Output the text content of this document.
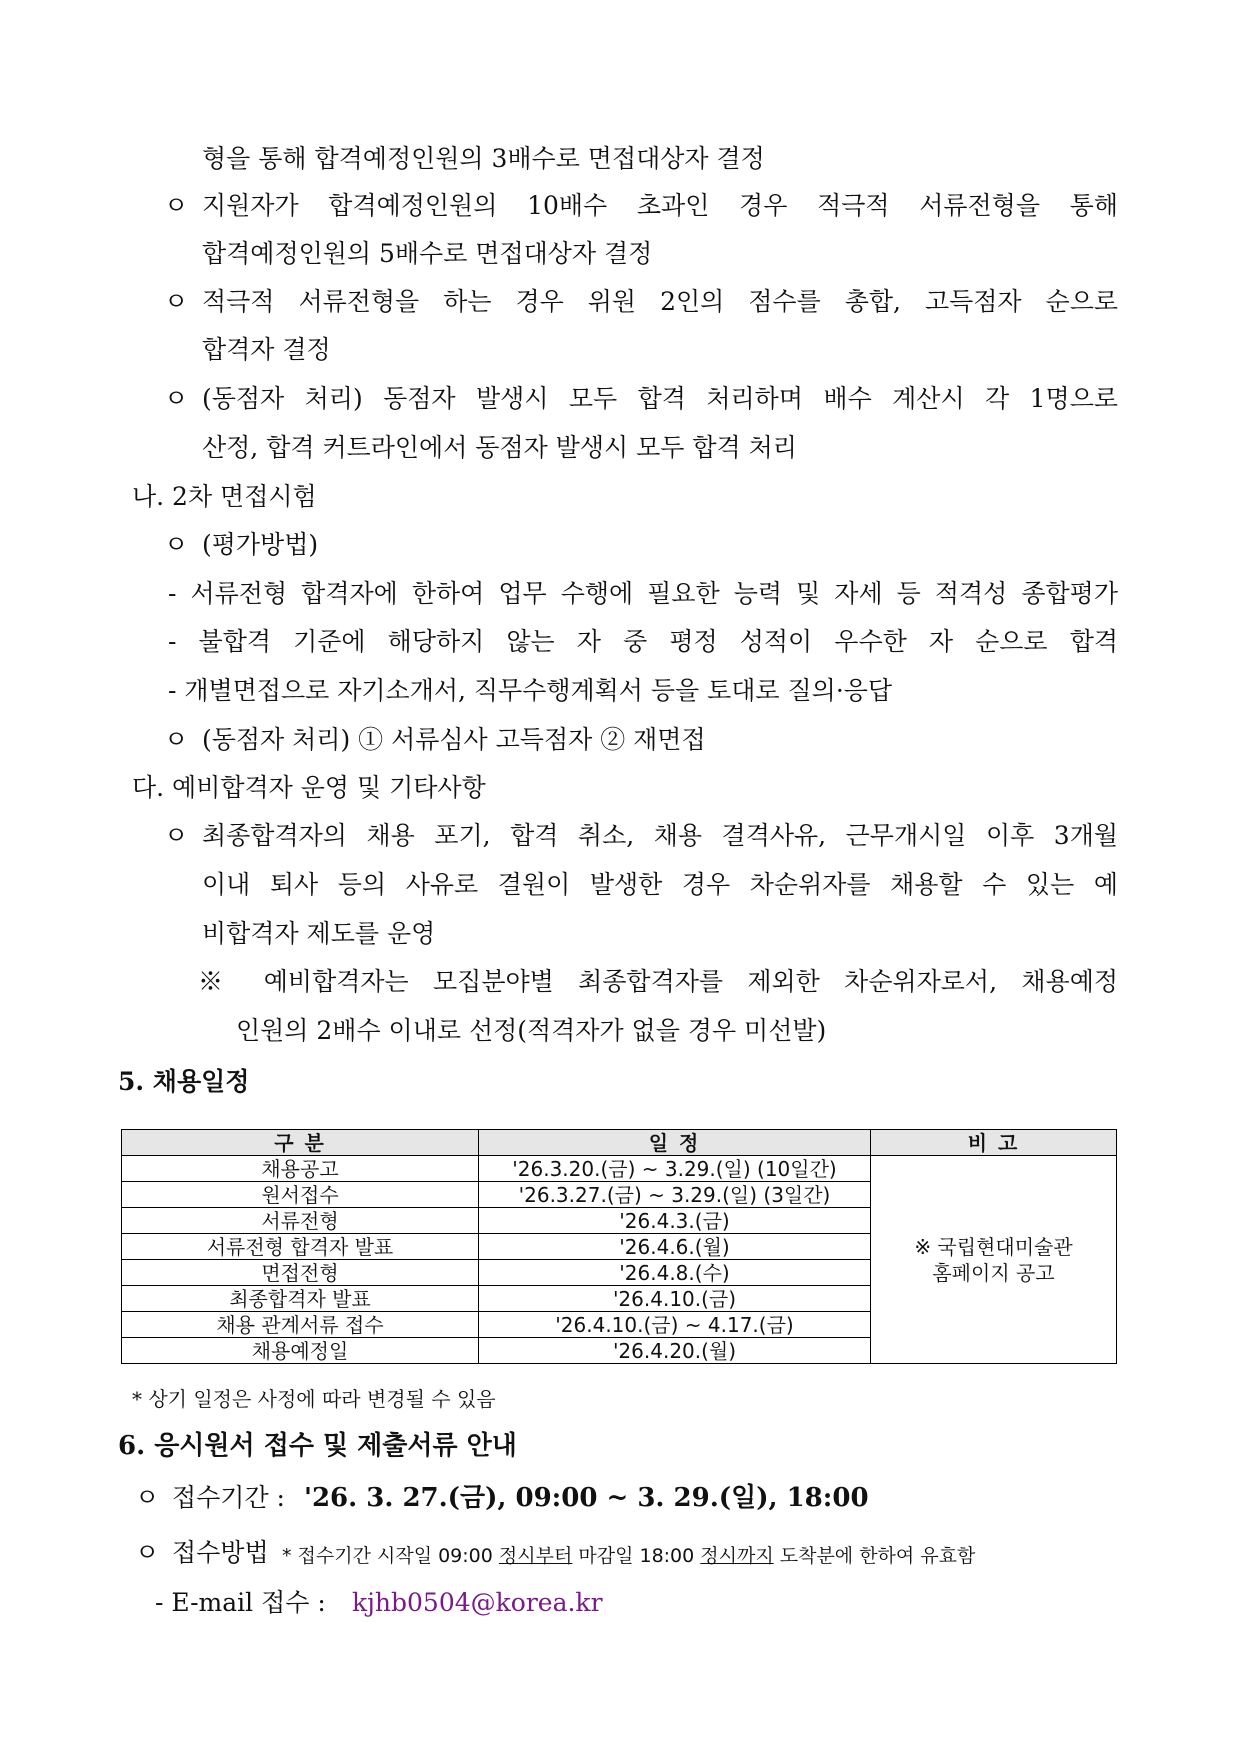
형을 통해 합격예정인원의 3배수로 면접대상자 결정
ㅇ 지원자가 합격예정인원의 10배수 초과인 경우 적극적 서류전형을 통해
합격예정인원의 5배수로 면접대상자 결정
ㅇ 적극적 서류전형을 하는 경우 위원 2인의 점수를 총합, 고득점자 순으로
합격자 결정
ㅇ (동점자 처리) 동점자 발생시 모두 합격 처리하며 배수 계산시 각 1명으로
산정, 합격 커트라인에서 동점자 발생시 모두 합격 처리
나. 2차 면접시험
ㅇ (평가방법)
- 서류전형 합격자에 한하여 업무 수행에 필요한 능력 및 자세 등 적격성 종합평가
- 불합격 기준에 해당하지 않는 자 중 평정 성적이 우수한 자 순으로 합격
- 개별면접으로 자기소개서, 직무수행계획서 등을 토대로 질의·응답
ㅇ (동점자 처리) ① 서류심사 고득점자 ② 재면접
다. 예비합격자 운영 및 기타사항
ㅇ 최종합격자의 채용 포기, 합격 취소, 채용 결격사유, 근무개시일 이후 3개월
이내 퇴사 등의 사유로 결원이 발생한 경우 차순위자를 채용할 수 있는 예
비합격자 제도를 운영
※ 예비합격자는 모집분야별 최종합격자를 제외한 차순위자로서, 채용예정
인원의 2배수 이내로 선정(적격자가 없을 경우 미선발)
5. 채용일정
구 분	일 정	비 고
채용공고	'26.3.20.(금) ~ 3.29.(일) (10일간)	※ 국립현대미술관
홈페이지 공고
원서접수	'26.3.27.(금) ~ 3.29.(일) (3일간)	
서류전형	'26.4.3.(금)	
서류전형 합격자 발표	'26.4.6.(월)	
면접전형	'26.4.8.(수)	
최종합격자 발표	'26.4.10.(금)	
채용 관계서류 접수	'26.4.10.(금) ~ 4.17.(금)	
채용예정일	'26.4.20.(월)	
* 상기 일정은 사정에 따라 변경될 수 있음
6. 응시원서 접수 및 제출서류 안내
ㅇ 접수기간 : '26. 3. 27.(금), 09:00 ~ 3. 29.(일), 18:00
ㅇ 접수방법 * 접수기간 시작일 09:00 정시부터 마감일 18:00 정시까지 도착분에 한하여 유효함
- E-mail 접수 : kjhb0504@korea.kr
